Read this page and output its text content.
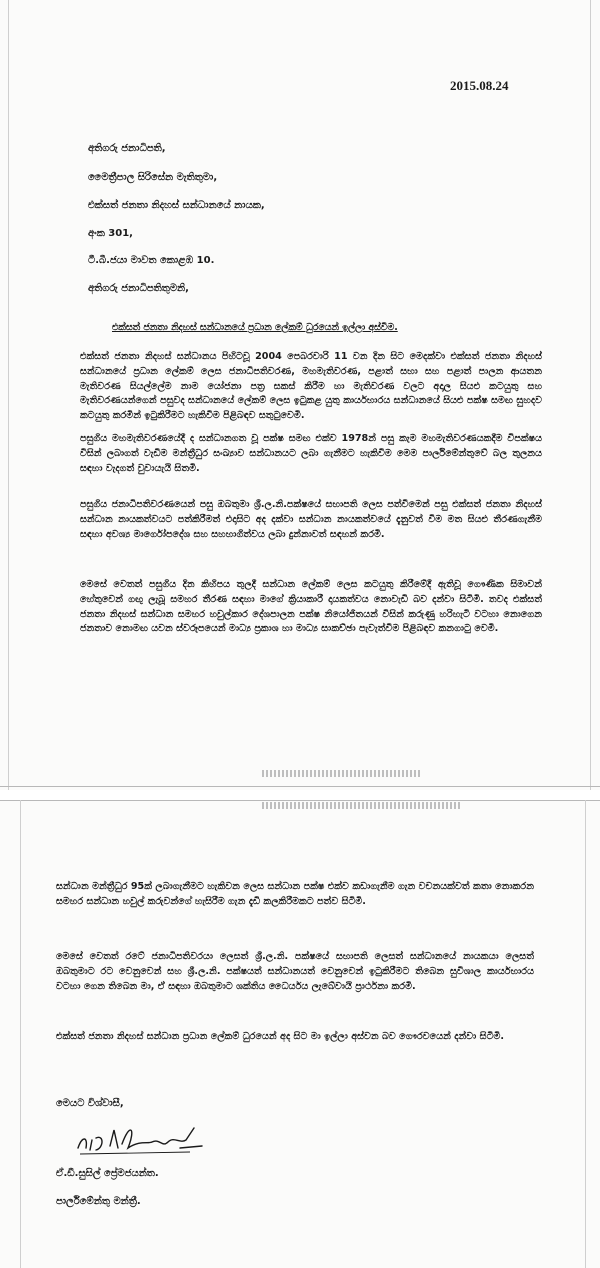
2015.08.24
අතිගරු ජනාධිපති,
මෛත්‍රීපාල සිරිසේන මැතිතුමා,
එක්සත් ජනතා නිදහස් සන්ධානයේ නායක,
අංක 301,
ටී.බී.ජයා මාවත කොළඹ 10.
අතිගරු ජනාධිපතිතුමනි,
එක්සත් ජනතා නිදහස් සන්ධානයේ ප්‍රධාන ලේකම් ධුරයෙන් ඉල්ලා අස්වීම.
එක්සත් ජනතා නිදහස් සන්ධානය පිහිටවූ 2004 පෙබරවාරි 11 වන දින සිට මෙදක්වා එක්සත් ජනතා නිදහස් සන්ධානයේ ප්‍රධාන ලේකම් ලෙස ජනාධිපතිවරණ, මහමැතිවරණ, පළාත් සභා සහ පළාත් පාලන ආයතන මැතිවරණ සියල්ලේම නාම යෝජනා පත්‍ර සකස් කිරීම හා මැතිවරණ වලට අදාල සියළු කටයුතු සහ මැතිවරණයන්ගෙන් පසුවද සන්ධානයේ ලේකම් ලෙස ඉටුකළ යුතු කාර්යභාරය සන්ධානයේ සියළු පක්ෂ සමඟ සුහදව කටයුතු කරමින් ඉටුකිරීමට හැකිවීම පිළිබඳව සතුටුවෙමි.
පසුගිය මහමැතිවරණයේදී ද සන්ධානගත වූ පක්ෂ සමඟ එක්ව 1978න් පසු කැම මහමැතිවරණයකදීම විපක්ෂය විසින් ලබාගත් වැඩිම මන්ත්‍රීධුර සංඛ්‍යාව සන්ධානයට ලබා ගැනීමට හැකිවීම මෙම පාර්ලිමේන්තුවේ බල තුලනය සඳහා වැදගත් වුවායැයි සිතමි.
පසුගිය ජනාධිපතිවරණයෙන් පසු ඔබතුමා ශ්‍රී.ල.නි.පක්ෂයේ සභාපති ලෙස පත්වීමෙන් පසු එක්සත් ජනතා නිදහස් සන්ධාන නායකත්වයට පත්කිරීමත් එදාසිට අද දක්වා සන්ධාන නායකත්වයේ දැනුවත් වීම මත සියළු තීරණගැනීම සඳහා අවශ්‍ය මාර්ගෝපදේශ සහ සහභාගිත්වය ලබා දුන්නාවත් සඳහන් කරමි.
මෙසේ වෙතත් පසුගිය දින කිහිපය තුලදී සන්ධාන ලේකම් ලෙස කටයුතු කිරීමේදී ඇතිවූ ගෞණික සිමාවන් හේතුවෙන් ගඟු ලැබූ සමහර තීරණ සඳහා මාගේ ක්‍රියාකාරී දායකත්වය නොවැඩි බව දන්වා සිටිමි. තවද එක්සත් ජනතා නිදහස් සන්ධාන සමහර හවුල්කාර දේශපාලන පක්ෂ නියෝජිතයන් විසින් කරුණු හරිහැටි වටහා නොගෙන ජනතාව නොමඟ යවන ස්වරූපයෙන් මාධ්‍ය ප්‍රකාශ හා මාධ්‍ය සාකච්ඡා පැවැත්වීම පිළිබඳව කනගාටු වෙමි.
සන්ධාන මන්ත්‍රීධුර 95ක් ලබාගැනීමට හැකිවන ලෙස සන්ධාන පක්ෂ එක්ව කඩාගැනීම ගැන වචනයක්වත් කතා නොකරන සමහර සන්ධාන හවුල් කරුවන්ගේ හැසිරීම ගැන දැඩි කලකිරීමකට පත්ව සිටිමි.
මෙසේ වෙතත් රටේ ජනාධිපතිවරයා ලෙසත් ශ්‍රී.ල.නි. පක්ෂයේ සභාපති ලෙසත් සන්ධානයේ නායකයා ලෙසත් ඔබතුමාට රට වෙනුවෙන් සහ ශ්‍රී.ල.නි. පක්ෂයත් සන්ධානයත් වෙනුවෙන් ඉටුකිරීමට තිබෙන සුවිශාල කාර්යභාරය වටහා ගෙන තිබෙන මා, ඒ සඳහා ඔබතුමාට ශක්තිය ධෛර්යය ලැබේවායි ප්‍රාර්ථනා කරමි.
එක්සත් ජනතා නිදහස් සන්ධාන ප්‍රධාන ලේකම් ධුරයෙන් අද සිට මා ඉල්ලා අස්වන බව ගෞරවයෙන් දන්වා සිටිමි.
මෙයට විශ්වාසී,
ඒ.ඩී.සුසිල් ප්‍රේමජයන්ත.
පාර්ලිමේන්තු මන්ත්‍රී.
